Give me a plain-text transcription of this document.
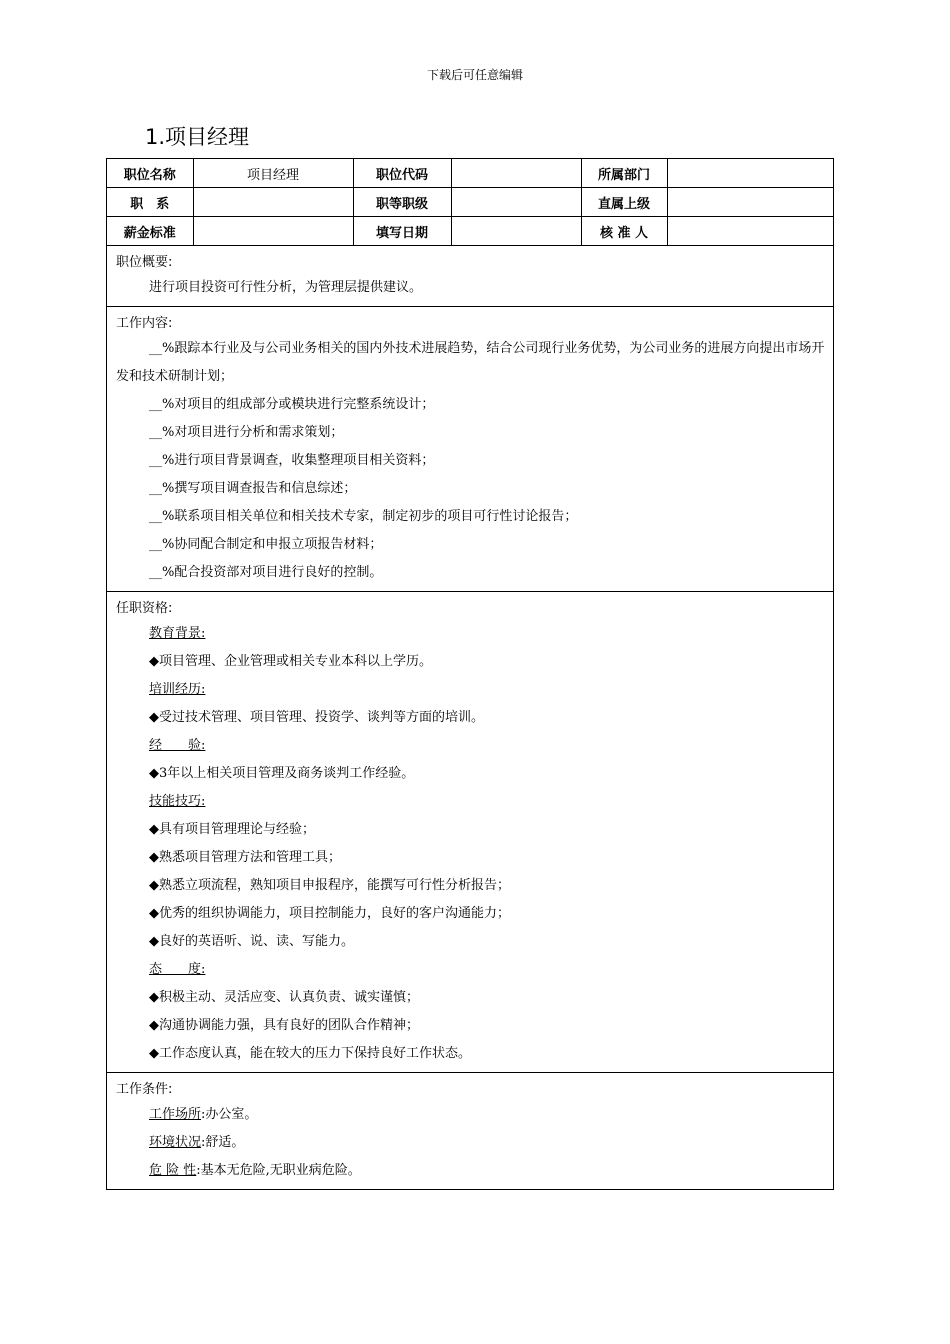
下载后可任意编辑
1.项目经理
职位名称	项目经理	职位代码		所属部门	
职　系		职等职级		直属上级	
薪金标准		填写日期		核 准 人	
职位概要:
进行项目投资可行性分析，为管理层提供建议。
工作内容:
__%跟踪本行业及与公司业务相关的国内外技术进展趋势，结合公司现行业务优势，为公司业务的进展方向提出市场开发和技术研制计划；
__%对项目的组成部分或模块进行完整系统设计；
__%对项目进行分析和需求策划；
__%进行项目背景调查，收集整理项目相关资料；
__%撰写项目调查报告和信息综述；
__%联系项目相关单位和相关技术专家，制定初步的项目可行性讨论报告；
__%协同配合制定和申报立项报告材料；
__%配合投资部对项目进行良好的控制。
任职资格:
教育背景:
◆项目管理、企业管理或相关专业本科以上学历。
培训经历:
◆受过技术管理、项目管理、投资学、谈判等方面的培训。
经　　验:
◆3年以上相关项目管理及商务谈判工作经验。
技能技巧:
◆具有项目管理理论与经验；
◆熟悉项目管理方法和管理工具；
◆熟悉立项流程，熟知项目申报程序，能撰写可行性分析报告；
◆优秀的组织协调能力，项目控制能力，良好的客户沟通能力；
◆良好的英语听、说、读、写能力。
态　　度:
◆积极主动、灵活应变、认真负责、诚实谨慎；
◆沟通协调能力强，具有良好的团队合作精神；
◆工作态度认真，能在较大的压力下保持良好工作状态。
工作条件:
工作场所:办公室。
环境状况:舒适。
危 险 性:基本无危险,无职业病危险。
